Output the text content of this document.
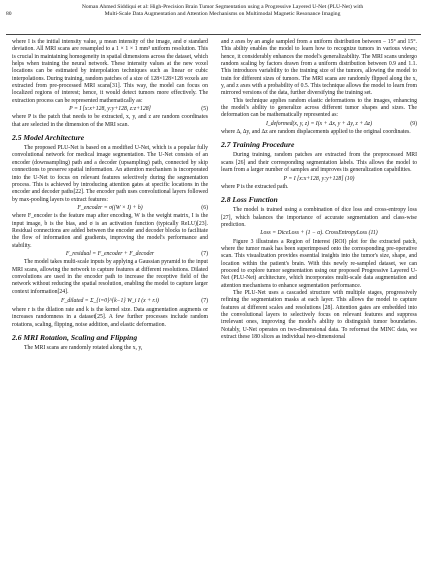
80
Noman Ahmed Siddiqui et al: High-Precision Brain Tumor Segmentation using a Progressive Layered U-Net (PLU-Net) with
Multi-Scale Data Augmentation and Attention Mechanisms on Multimodal Magnetic Resonance Imaging

where I is the initial intensity value, μ mean intensity of the image, and σ standard deviation. All MRI scans are resampled to a 1 × 1 × 1 mm³ uniform resolution. This is crucial in maintaining homogeneity in spatial dimensions across the dataset, which helps when training the neural network. These intensity values at the new voxel locations can be estimated by interpolation techniques such as linear or cubic interpolations. During training, random patches of a size of 128×128×128 voxels are extracted from pre-processed MRI scans[31]. This way, the model can focus on localized regions of interest; hence, it would detect tumors more effectively. The extraction process can be represented mathematically as:

P = I [x:x+128, y:y+128, z:z+128]	(5)

where P is the patch that needs to be extracted, x, y, and z are random coordinates that are selected in the dimension of the MRI scan.

2.5 Model Architecture

The proposed PLU-Net is based on a modified U-Net, which is a popular fully convolutional network for medical image segmentation. The U-Net consists of an encoder (downsampling) path and a decoder (upsampling) path, connected by skip connections to preserve spatial information. An attention mechanism is incorporated into the U-Net to focus on relevant features selectively during the segmentation process. This is achieved by introducing attention gates at specific locations in the encoder and decoder paths[22]. The encoder path uses convolutional layers followed by max-pooling layers to extract features:

F_encoder = σ((W × I) + b)	(6)

where F_encoder is the feature map after encoding, W is the weight matrix, I is the input image, b is the bias, and σ is an activation function (typically ReLU)[23]. Residual connections are added between the encoder and decoder blocks to facilitate the flow of information and gradients, improving the model's performance and stability.

F_residual = F_encoder + F_decoder	(7)

The model takes multi-scale inputs by applying a Gaussian pyramid to the input MRI scans, allowing the network to capture features at different resolutions. Dilated convolutions are used in the encoder path to increase the receptive field of the network without reducing the spatial resolution, enabling the model to capture larger context information[24].

F_dilated = Σ_{i=0}^{k−1} W_i I (x + r.i)	(7)

where r is the dilation rate and k is the kernel size. Data augmentation augments or increases randomness in a dataset[25]. A few further processes include random rotations, scaling, flipping, noise addition, and elastic deformation.

2.6 MRI Rotation, Scaling and Flipping

The MRI scans are randomly rotated along the x, y,

and z axes by an angle sampled from a uniform distribution between − 15° and 15°. This ability enables the model to learn how to recognize tumors in various views; hence, it considerably enhances the model's generalizability. The MRI scans undergo random scaling by factors drawn from a uniform distribution between 0.9 and 1.1. This introduces variability to the training size of the tumors, allowing the model to train for different sizes of tumors. The MRI scans are randomly flipped along the x, y, and z axes with a probability of 0.5. This technique allows the model to learn from mirrored versions of the data, further diversifying the training set.

This technique applies random elastic deformations to the images, enhancing the model's ability to generalize across different tumor shapes and sizes. The deformation can be mathematically represented as:

I_deformed(x, y, z) = I(x + Δx, y + Δy, z + Δz)	(9)

where Δ, Δy, and Δz are random displacements applied to the original coordinates.

2.7 Training Procedure

During training, random patches are extracted from the preprocessed MRI scans [26] and their corresponding segmentation labels. This allows the model to learn from a larger number of samples and improves its generalization capabilities.

P = I [x:x+128, y:y+128] (10)

where P is the extracted path.

2.8 Loss Function

The model is trained using a combination of dice loss and cross-entropy loss [27], which balances the importance of accurate segmentation and class-wise prediction.

Loss = DiceLoss + (1 − α). CrossEntropyLoss (11)

Figure 3 illustrates a Region of Interest (ROI) plot for the extracted patch, where the tumor mask has been superimposed onto the corresponding pre-operative scan. This visualization provides essential insights into the tumor's size, shape, and location within the patient's brain. With this newly re-sampled dataset, we can proceed to explore tumor segmentation using our proposed Progressive Layered U-Net (PLU-Net) architecture, which incorporates multi-scale data augmentation and attention mechanisms to enhance segmentation performance.

The PLU-Net uses a cascaded structure with multiple stages, progressively refining the segmentation masks at each layer. This allows the model to capture features at different scales and resolutions [28]. Attention gates are embedded into the convolutional layers to selectively focus on relevant features and suppress irrelevant ones, improving the model's ability to distinguish tumor boundaries. Notably, U-Net operates on two-dimensional data. To reformat the MINC data, we extract these 180 slices as individual two-dimensional
